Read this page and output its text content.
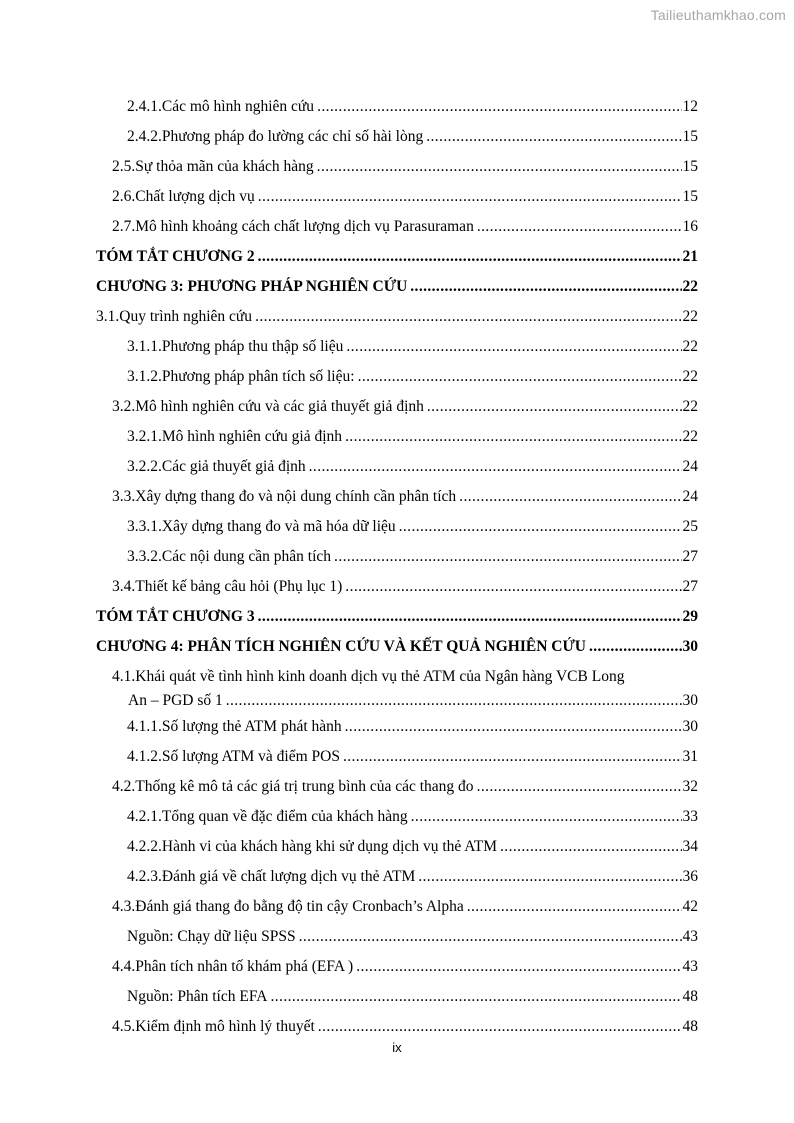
Tailieuthamkhao.com
2.4.1.Các mô hình nghiên cứu .....	12
2.4.2.Phương pháp đo lường các chỉ số hài lòng .....	15
2.5.Sự thỏa mãn của khách hàng .....	15
2.6.Chất lượng dịch vụ .....	15
2.7.Mô hình khoảng cách chất lượng dịch vụ Parasuraman .....	16
TÓM TẮT CHƯƠNG 2 .....	21
CHƯƠNG 3: PHƯƠNG PHÁP NGHIÊN CỨU .....	22
3.1.Quy trình nghiên cứu .....	22
3.1.1.Phương pháp thu thập số liệu .....	22
3.1.2.Phương pháp phân tích số liệu: .....	22
3.2.Mô hình nghiên cứu và các giả thuyết giả định .....	22
3.2.1.Mô hình nghiên cứu giả định .....	22
3.2.2.Các giả thuyết giả định .....	24
3.3.Xây dựng thang đo và nội dung chính cần phân tích .....	24
3.3.1.Xây dựng thang đo và mã hóa dữ liệu .....	25
3.3.2.Các nội dung cần phân tích .....	27
3.4.Thiết kế bảng câu hỏi (Phụ lục 1) .....	27
TÓM TẮT CHƯƠNG 3 .....	29
CHƯƠNG 4: PHÂN TÍCH NGHIÊN CỨU VÀ KẾT QUẢ NGHIÊN CỨU .....	30
4.1.Khái quát về tình hình kinh doanh dịch vụ thẻ ATM của Ngân hàng VCB Long
An – PGD số 1 .....	30
4.1.1.Số lượng thẻ ATM phát hành .....	30
4.1.2.Số lượng ATM và điểm POS .....	31
4.2.Thống kê mô tả các giá trị trung bình của các thang đo .....	32
4.2.1.Tổng quan về đặc điểm của khách hàng .....	33
4.2.2.Hành vi của khách hàng khi sử dụng dịch vụ thẻ ATM .....	34
4.2.3.Đánh giá về chất lượng dịch vụ thẻ ATM .....	36
4.3.Đánh giá thang đo bằng độ tin cậy Cronbach’s Alpha .....	42
Nguồn: Chạy dữ liệu SPSS .....	43
4.4.Phân tích nhân tố khám phá (EFA ) .....	43
Nguồn: Phân tích EFA .....	48
4.5.Kiểm định mô hình lý thuyết .....	48
ix
